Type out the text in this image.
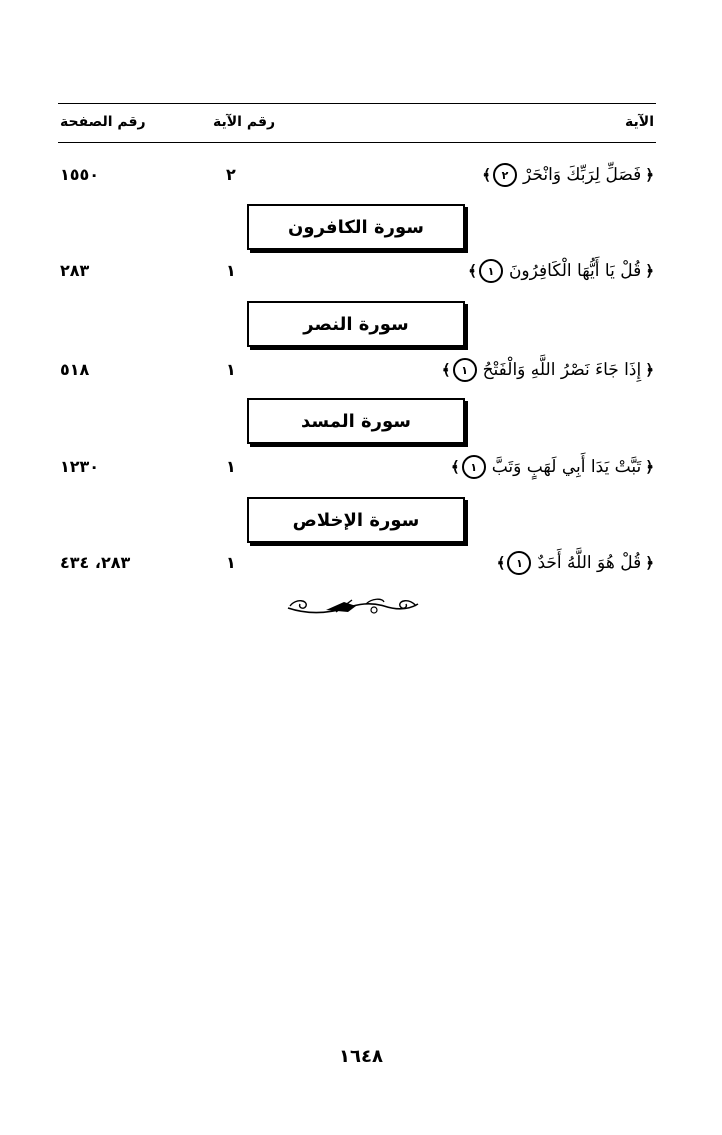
رقم الصفحة	رقم الآية	الآية
١٥٥٠	٢	﴿
فَصَلِّ لِرَبِّكَ وَانْحَرْ
٢
﴾
سورة الكافرون
٢٨٣	١	﴿
قُلْ يَا أَيُّهَا الْكَافِرُونَ
١
﴾
سورة النصر
٥١٨	١	﴿
إِذَا جَاءَ نَصْرُ اللَّهِ وَالْفَتْحُ
١
﴾
سورة المسد
١٢٣٠	١	﴿
تَبَّتْ يَدَا أَبِي لَهَبٍ وَتَبَّ
١
﴾
سورة الإخلاص
٢٨٣، ٤٣٤	١	﴿
قُلْ هُوَ اللَّهُ أَحَدٌ
١
﴾
١٦٤٨
